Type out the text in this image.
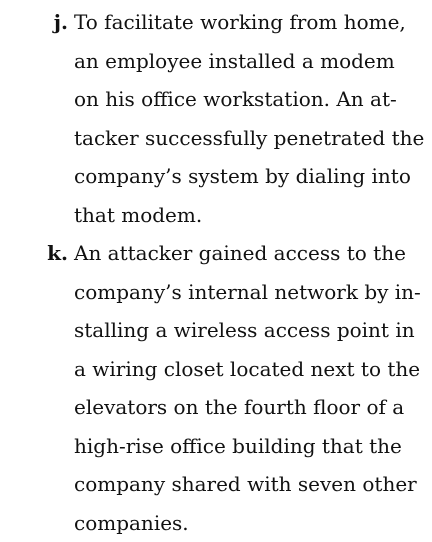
j. To facilitate working from home,
an employee installed a modem
on his office workstation. An at-
tacker successfully penetrated the
company’s system by dialing into
that modem.
k. An attacker gained access to the
company’s internal network by in-
stalling a wireless access point in
a wiring closet located next to the
elevators on the fourth floor of a
high-rise office building that the
company shared with seven other
companies.
